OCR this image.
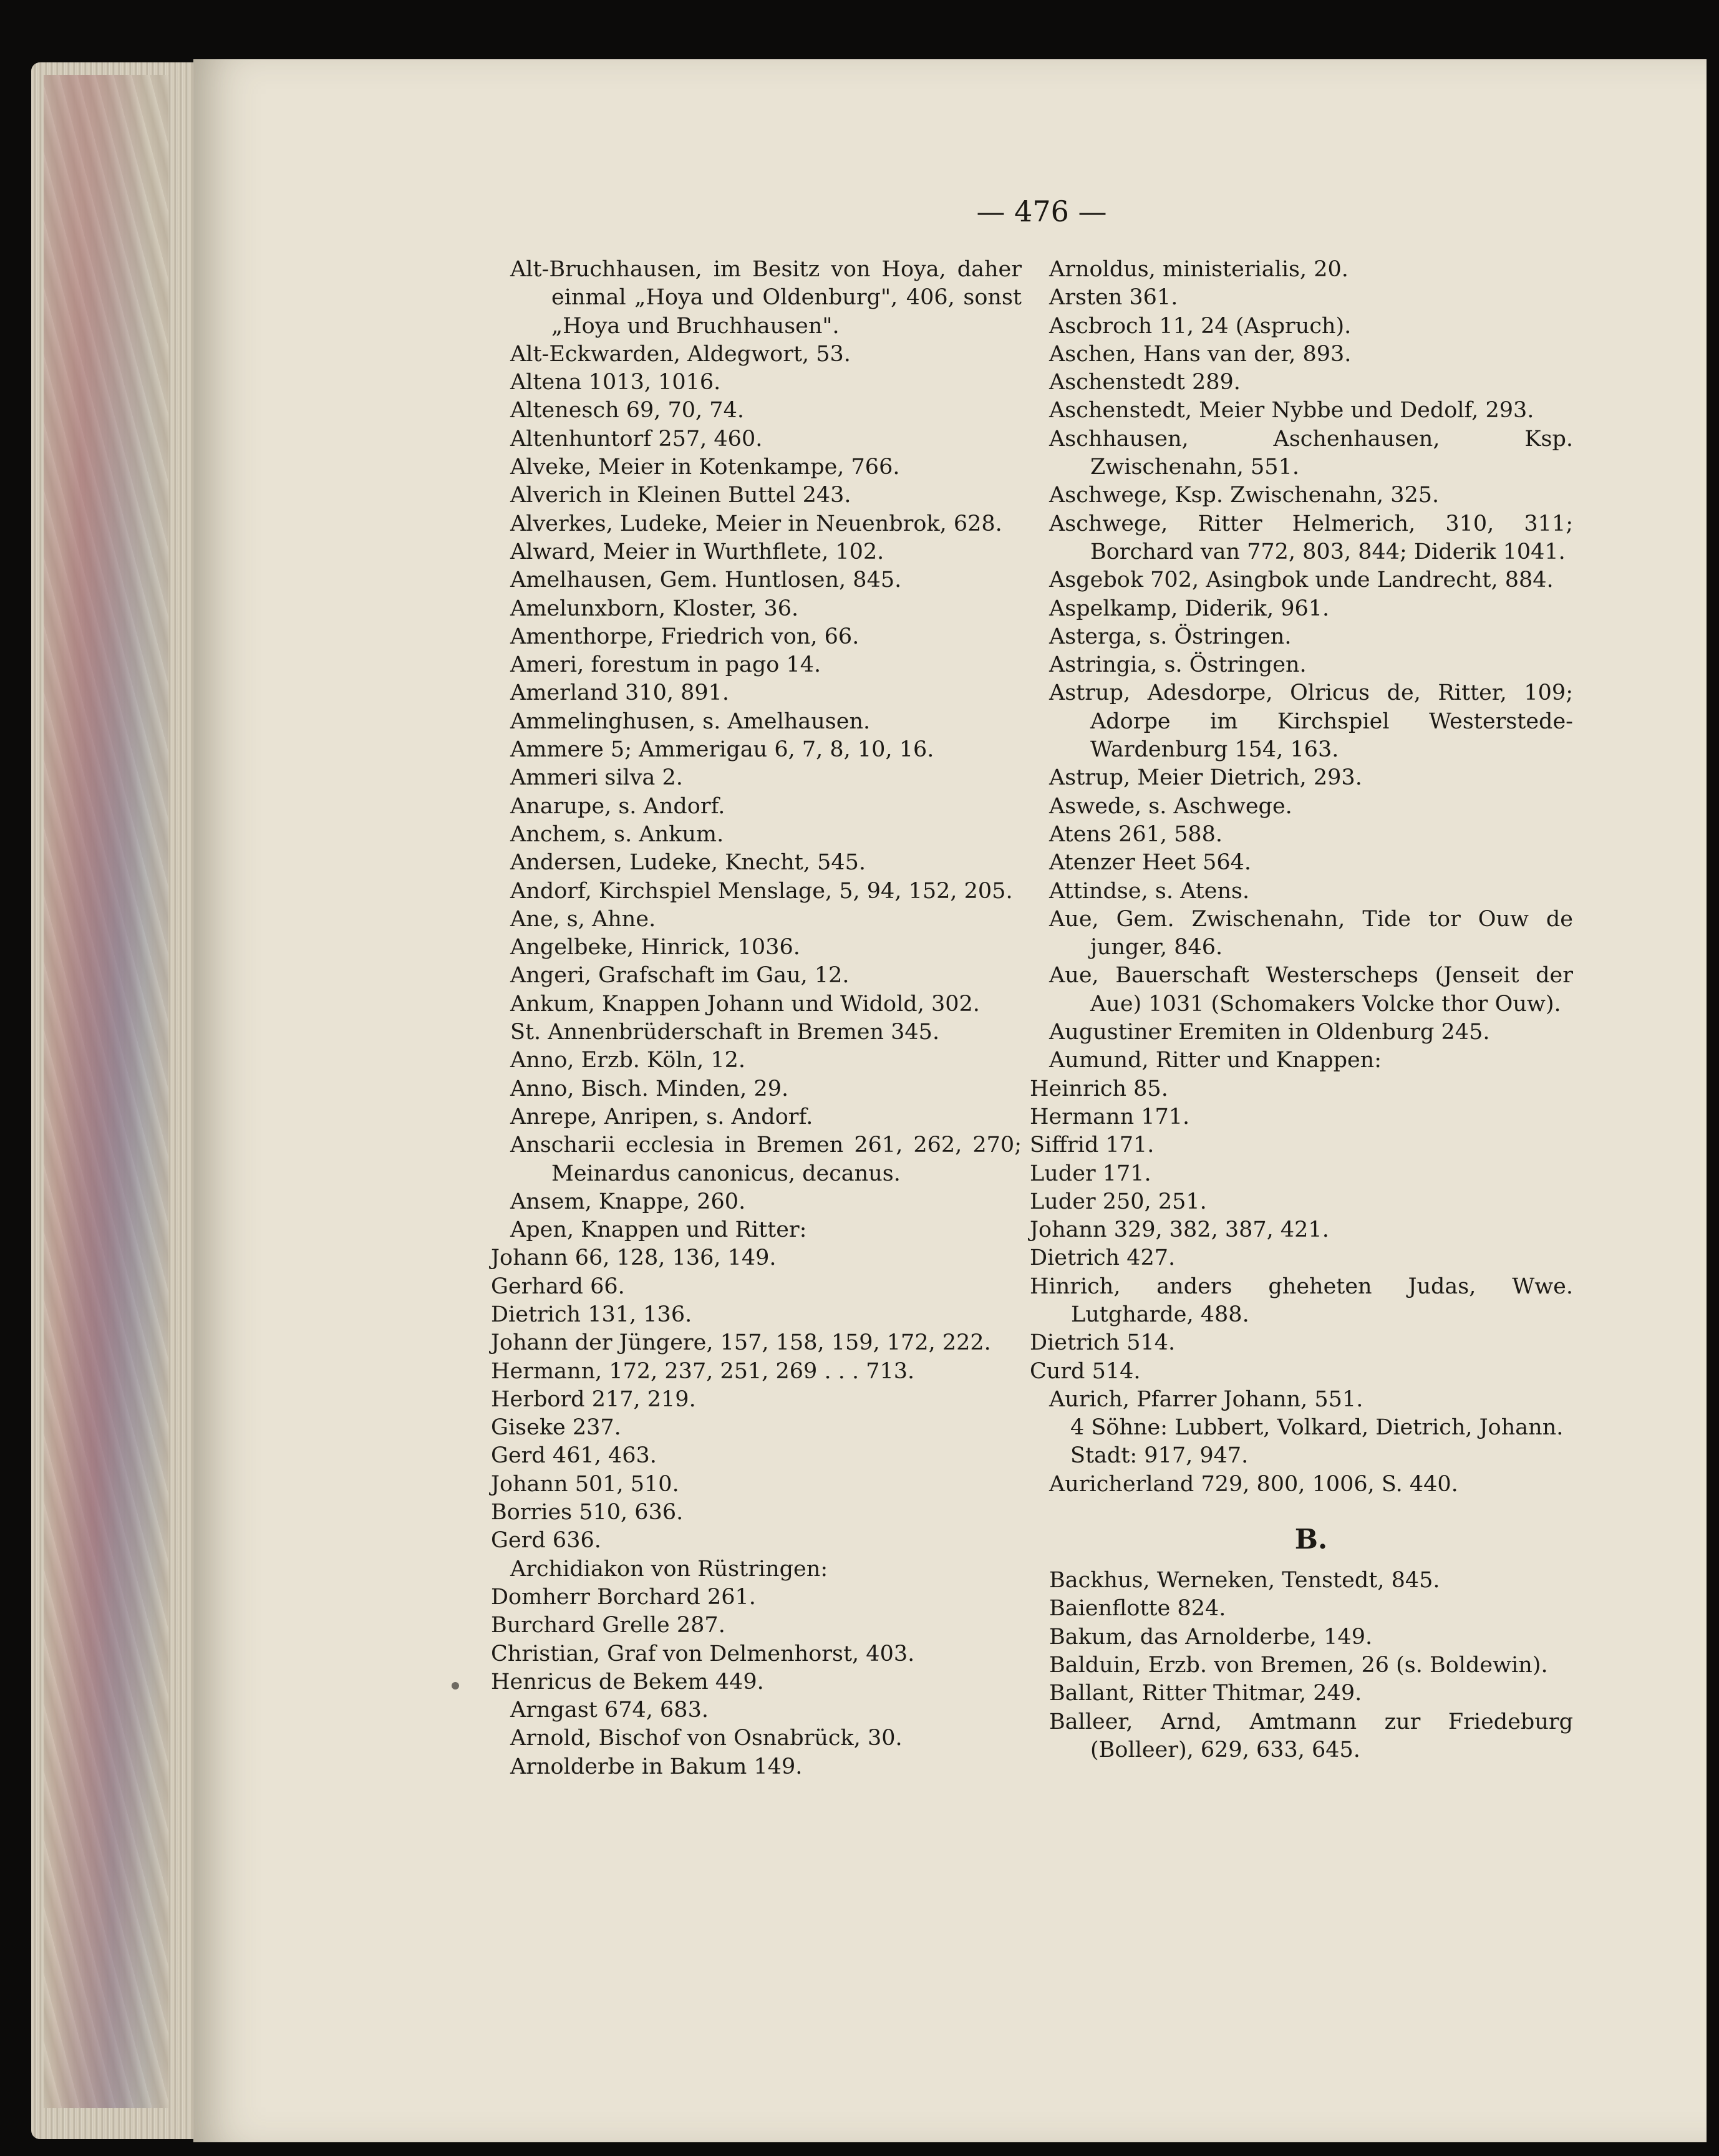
— 476 —
Alt-Bruchhausen, im Besitz von Hoya, daher einmal „Hoya und Oldenburg", 406, sonst „Hoya und Bruchhausen".
Alt-Eckwarden, Aldegwort, 53.
Altena 1013, 1016.
Altenesch 69, 70, 74.
Altenhuntorf 257, 460.
Alveke, Meier in Kotenkampe, 766.
Alverich in Kleinen Buttel 243.
Alverkes, Ludeke, Meier in Neuenbrok, 628.
Alward, Meier in Wurthflete, 102.
Amelhausen, Gem. Huntlosen, 845.
Amelunxborn, Kloster, 36.
Amenthorpe, Friedrich von, 66.
Ameri, forestum in pago 14.
Amerland 310, 891.
Ammelinghusen, s. Amelhausen.
Ammere 5; Ammerigau 6, 7, 8, 10, 16.
Ammeri silva 2.
Anarupe, s. Andorf.
Anchem, s. Ankum.
Andersen, Ludeke, Knecht, 545.
Andorf, Kirchspiel Menslage, 5, 94, 152, 205.
Ane, s, Ahne.
Angelbeke, Hinrick, 1036.
Angeri, Grafschaft im Gau, 12.
Ankum, Knappen Johann und Widold, 302.
St. Annenbrüderschaft in Bremen 345.
Anno, Erzb. Köln, 12.
Anno, Bisch. Minden, 29.
Anrepe, Anripen, s. Andorf.
Anscharii ecclesia in Bremen 261, 262, 270; Meinardus canonicus, decanus.
Ansem, Knappe, 260.
Apen, Knappen und Ritter:
Johann 66, 128, 136, 149.
Gerhard 66.
Dietrich 131, 136.
Johann der Jüngere, 157, 158, 159, 172, 222.
Hermann, 172, 237, 251, 269 . . . 713.
Herbord 217, 219.
Giseke 237.
Gerd 461, 463.
Johann 501, 510.
Borries 510, 636.
Gerd 636.
Archidiakon von Rüstringen:
Domherr Borchard 261.
Burchard Grelle 287.
Christian, Graf von Delmenhorst, 403.
Henricus de Bekem 449.
Arngast 674, 683.
Arnold, Bischof von Osnabrück, 30.
Arnolderbe in Bakum 149.
Arnoldus, ministerialis, 20.
Arsten 361.
Ascbroch 11, 24 (Aspruch).
Aschen, Hans van der, 893.
Aschenstedt 289.
Aschenstedt, Meier Nybbe und Dedolf, 293.
Aschhausen, Aschenhausen, Ksp. Zwischenahn, 551.
Aschwege, Ksp. Zwischenahn, 325.
Aschwege, Ritter Helmerich, 310, 311; Borchard van 772, 803, 844; Diderik 1041.
Asgebok 702, Asingbok unde Landrecht, 884.
Aspelkamp, Diderik, 961.
Asterga, s. Östringen.
Astringia, s. Östringen.
Astrup, Adesdorpe, Olricus de, Ritter, 109; Adorpe im Kirchspiel Westerstede-Wardenburg 154, 163.
Astrup, Meier Dietrich, 293.
Aswede, s. Aschwege.
Atens 261, 588.
Atenzer Heet 564.
Attindse, s. Atens.
Aue, Gem. Zwischenahn, Tide tor Ouw de junger, 846.
Aue, Bauerschaft Westerscheps (Jenseit der Aue) 1031 (Schomakers Volcke thor Ouw).
Augustiner Eremiten in Oldenburg 245.
Aumund, Ritter und Knappen:
Heinrich 85.
Hermann 171.
Siffrid 171.
Luder 171.
Luder 250, 251.
Johann 329, 382, 387, 421.
Dietrich 427.
Hinrich, anders gheheten Judas, Wwe. Lutgharde, 488.
Dietrich 514.
Curd 514.
Aurich, Pfarrer Johann, 551.
4 Söhne: Lubbert, Volkard, Dietrich, Johann.
Stadt: 917, 947.
Auricherland 729, 800, 1006, S. 440.
B.
Backhus, Werneken, Tenstedt, 845.
Baienflotte 824.
Bakum, das Arnolderbe, 149.
Balduin, Erzb. von Bremen, 26 (s. Boldewin).
Ballant, Ritter Thitmar, 249.
Balleer, Arnd, Amtmann zur Friedeburg (Bolleer), 629, 633, 645.
